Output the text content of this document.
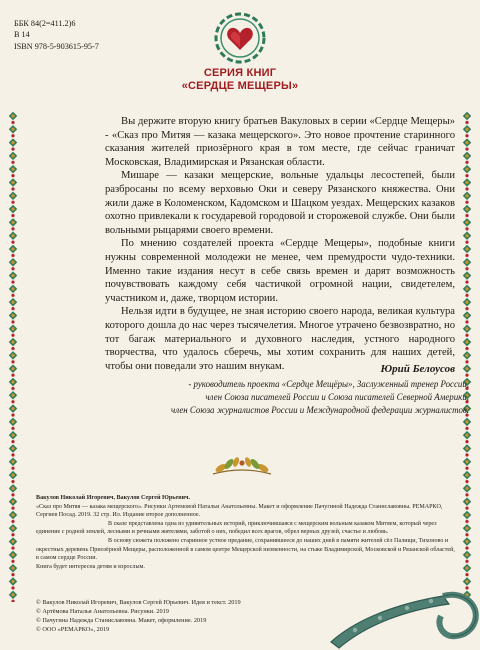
ББК 84(2=411.2)6
В 14
ISBN 978-5-903615-95-7
СЕРИЯ КНИГ
«СЕРДЦЕ МЕЩЕРЫ»

Вы держите вторую книгу братьев Вакуловых в серии «Сердце Мещеры» - «Сказ про Митяя — казака мещерского». Это новое прочтение старинного сказания жителей приозёрного края в том месте, где сейчас граничат Московская, Владимирская и Рязанская области.

Мишаре — казаки мещерские, вольные удальцы лесостепей, были разбросаны по всему верховью Оки и северу Рязанского княжества. Они жили даже в Коломенском, Кадомском и Шацком уездах. Мещерских казаков охотно привлекали к государевой городовой и сторожевой службе. Они были вольными рыцарями своего времени.

По мнению создателей проекта «Сердце Мещеры», подобные книги нужны современной молодежи не менее, чем премудрости чудо-техники. Именно такие издания несут в себе связь времен и дарят возможность почувствовать каждому себя частичкой огромной нации, свидетелем, участником и, даже, творцом истории.

Нельзя идти в будущее, не зная историю своего народа, великая культура которого дошла до нас через тысячелетия. Многое утрачено безвозвратно, но тот багаж материального и духовного наследия, устного народного творчества, что удалось сберечь, мы хотим сохранить для наших детей, чтобы они поведали это нашим внукам.	Юрий Белоусов
- руководитель проекта «Сердце Мещёры», Заслуженный тренер России,
член Союза писателей России и Союза писателей Северной Америки,
член Союза журналистов России и Международной федерации журналистов.

Вакулов Николай Игоревич, Вакулов Сергей Юрьевич.

«Сказ про Митяя — казака мещерского». Рисунки Артемовой Натальи Анатольевны. Макет и оформление Пачугиной Надежда Станиславовны. РЕМАРКО, Сергиев Посад. 2019. 32 стр. Ил. Издание второе дополненное.

В сказе представлена одна из удивительных историй, приключившаяся с мещерским вольным казаком Митяем, который через единение с родной землей, лесными и речными жителями, заботой о них, победил всех врагов, обрел верных друзей, счастье и любовь.

В основу сюжета положено старинное устное предание, сохранившееся до наших дней в памяти жителей сёл Палищи, Тихоново и окрестных деревень Приозёрной Мещеры, расположенной в самом центре Мещерской низменности, на стыке Владимирской, Московской и Рязанской областей, в самом сердце России.

Книга будет интересна детям и взрослым.

© Вакулов Николай Игоревич, Вакулов Сергей Юрьевич. Идея и текст. 2019
© Артёмова Наталья Анатольевна. Рисунки. 2019
© Пачугина Надежда Станиславовна. Макет, оформление. 2019
© ООО «РЕМАРКО», 2019
